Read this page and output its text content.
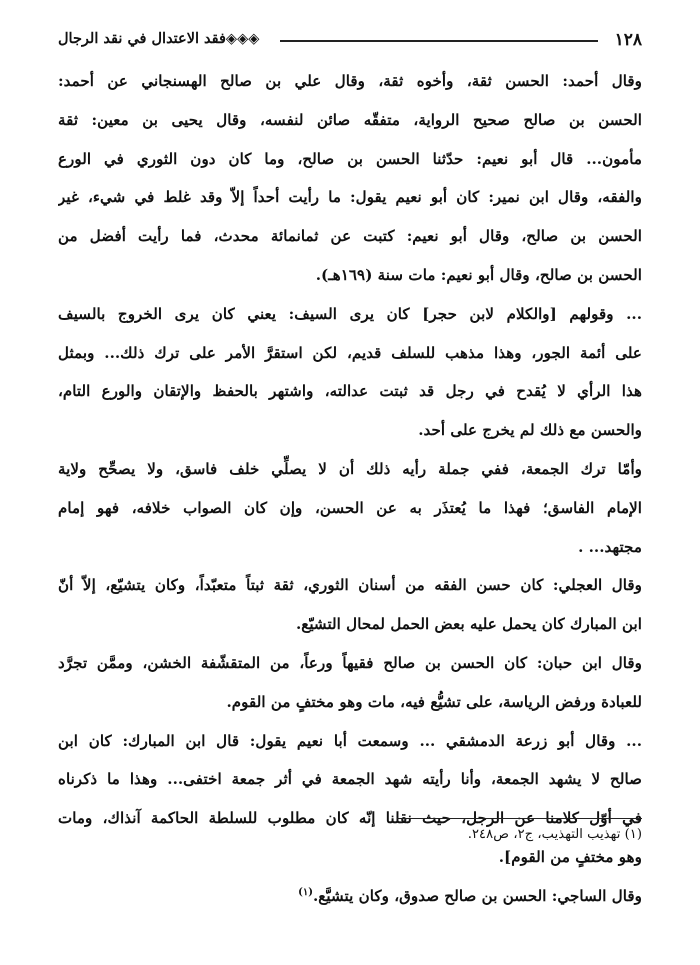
١٢٨
◈◈◈فقد الاعتدال في نقد الرجال
وقال أحمد: الحسن ثقة، وأخوه ثقة، وقال علي بن صالح الهسنجاني عن أحمد:
الحسن بن صالح صحيح الرواية، متفقّه صائن لنفسه، وقال يحيى بن معين: ثقة
مأمون... قال أبو نعيم: حدّثنا الحسن بن صالح، وما كان دون الثوري في الورع
والفقه، وقال ابن نمير: كان أبو نعيم يقول: ما رأيت أحداً إلاّ وقد غلط في شيء، غير
الحسن بن صالح، وقال أبو نعيم: كتبت عن ثمانمائة محدث، فما رأيت أفضل من
الحسن بن صالح، وقال أبو نعيم: مات سنة (١٦٩هـ).
... وقولهم [والكلام لابن حجر] كان يرى السيف: يعني كان يرى الخروج بالسيف
على أئمة الجور، وهذا مذهب للسلف قديم، لكن استقرَّ الأمر على ترك ذلك... وبمثل
هذا الرأي لا يُقدح في رجل قد ثبتت عدالته، واشتهر بالحفظ والإتقان والورع التام،
والحسن مع ذلك لم يخرج على أحد.
وأمّا ترك الجمعة، ففي جملة رأيه ذلك أن لا يصلِّي خلف فاسق، ولا يصحِّح ولاية
الإمام الفاسق؛ فهذا ما يُعتذَر به عن الحسن، وإن كان الصواب خلافه، فهو إمام
مجتهد... .
وقال العجلي: كان حسن الفقه من أسنان الثوري، ثقة ثبتاً متعبّداً، وكان يتشيّع، إلاّ أنّ
ابن المبارك كان يحمل عليه بعض الحمل لمحال التشيّع.
وقال ابن حبان: كان الحسن بن صالح فقيهاً ورعاً، من المتقشّفة الخشن، وممَّن تجرَّد
للعبادة ورفض الرياسة، على تشيُّع فيه، مات وهو مختفٍ من القوم.
... وقال أبو زرعة الدمشقي ... وسمعت أبا نعيم يقول: قال ابن المبارك: كان ابن
صالح لا يشهد الجمعة، وأنا رأيته شهد الجمعة في أثر جمعة اختفى... وهذا ما ذكرناه
في أوّل كلامنا عن الرجل، حيث نقلنا إنّه كان مطلوب للسلطة الحاكمة آنذاك، ومات
وهو مختفٍ من القوم].
وقال الساجي: الحسن بن صالح صدوق، وكان يتشيَّع.$^{(١)}$
(١) تهذيب التهذيب، ج٢، ص٢٤٨.
